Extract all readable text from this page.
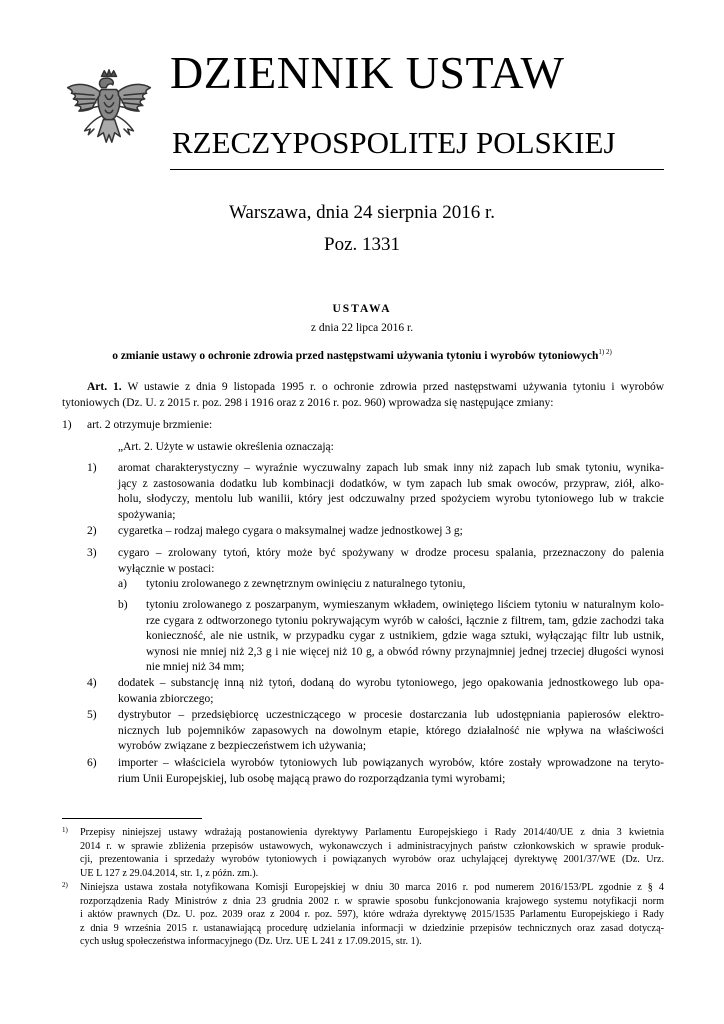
DZIENNIK USTAW
RZECZYPOSPOLITEJ POLSKIEJ
Warszawa, dnia 24 sierpnia 2016 r.
Poz. 1331
USTAWA
z dnia 22 lipca 2016 r.
o zmianie ustawy o ochronie zdrowia przed następstwami używania tytoniu i wyrobów tytoniowych$^{1) 2)}$
Art. 1. W ustawie z dnia 9 listopada 1995 r. o ochronie zdrowia przed następstwami używania tytoniu i wyrobów
tytoniowych (Dz. U. z 2015 r. poz. 298 i 1916 oraz z 2016 r. poz. 960) wprowadza się następujące zmiany:
1) art. 2 otrzymuje brzmienie:
„Art. 2. Użyte w ustawie określenia oznaczają:
1) aromat charakterystyczny – wyraźnie wyczuwalny zapach lub smak inny niż zapach lub smak tytoniu, wynika-
jący z zastosowania dodatku lub kombinacji dodatków, w tym zapach lub smak owoców, przypraw, ziół, alko-
holu, słodyczy, mentolu lub wanilii, który jest odczuwalny przed spożyciem wyrobu tytoniowego lub w trakcie
spożywania;
2) cygaretka – rodzaj małego cygara o maksymalnej wadze jednostkowej 3 g;
3) cygaro – zrolowany tytoń, który może być spożywany w drodze procesu spalania, przeznaczony do palenia
wyłącznie w postaci:
a) tytoniu zrolowanego z zewnętrznym owinięciu z naturalnego tytoniu,
b) tytoniu zrolowanego z poszarpanym, wymieszanym wkładem, owiniętego liściem tytoniu w naturalnym kolo-
rze cygara z odtworzonego tytoniu pokrywającym wyrób w całości, łącznie z filtrem, tam, gdzie zachodzi taka
konieczność, ale nie ustnik, w przypadku cygar z ustnikiem, gdzie waga sztuki, wyłączając filtr lub ustnik,
wynosi nie mniej niż 2,3 g i nie więcej niż 10 g, a obwód równy przynajmniej jednej trzeciej długości wynosi
nie mniej niż 34 mm;
4) dodatek – substancję inną niż tytoń, dodaną do wyrobu tytoniowego, jego opakowania jednostkowego lub opa-
kowania zbiorczego;
5) dystrybutor – przedsiębiorcę uczestniczącego w procesie dostarczania lub udostępniania papierosów elektro-
nicznych lub pojemników zapasowych na dowolnym etapie, którego działalność nie wpływa na właściwości
wyrobów związane z bezpieczeństwem ich używania;
6) importer – właściciela wyrobów tytoniowych lub powiązanych wyrobów, które zostały wprowadzone na teryto-
rium Unii Europejskiej, lub osobę mającą prawo do rozporządzania tymi wyrobami;
1) Przepisy niniejszej ustawy wdrażają postanowienia dyrektywy Parlamentu Europejskiego i Rady 2014/40/UE z dnia 3 kwietnia
2014 r. w sprawie zbliżenia przepisów ustawowych, wykonawczych i administracyjnych państw członkowskich w sprawie produk-
cji, prezentowania i sprzedaży wyrobów tytoniowych i powiązanych wyrobów oraz uchylającej dyrektywę 2001/37/WE (Dz. Urz.
UE L 127 z 29.04.2014, str. 1, z późn. zm.).
2) Niniejsza ustawa została notyfikowana Komisji Europejskiej w dniu 30 marca 2016 r. pod numerem 2016/153/PL zgodnie z § 4
rozporządzenia Rady Ministrów z dnia 23 grudnia 2002 r. w sprawie sposobu funkcjonowania krajowego systemu notyfikacji norm
i aktów prawnych (Dz. U. poz. 2039 oraz z 2004 r. poz. 597), które wdraża dyrektywę 2015/1535 Parlamentu Europejskiego i Rady
z dnia 9 września 2015 r. ustanawiającą procedurę udzielania informacji w dziedzinie przepisów technicznych oraz zasad dotyczą-
cych usług społeczeństwa informacyjnego (Dz. Urz. UE L 241 z 17.09.2015, str. 1).
